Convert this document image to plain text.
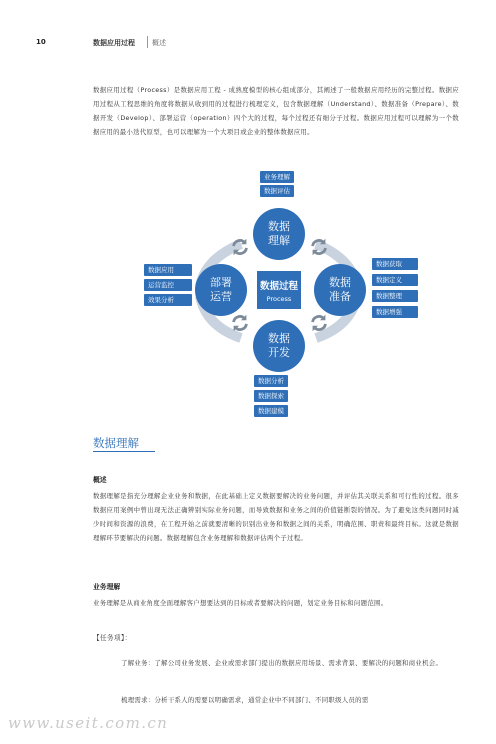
10	数据应用过程 概述
数据应用过程（Process）是数据应用工程 - 成熟度模型的核心组成部分，其阐述了一般数据应用经历的完整过程。数据应用过程从工程思维的角度将数据从收到用的过程进行梳理定义，包含数据理解（Understand）、数据准备（Prepare）、数据开发（Develop）、部署运营（operation）四个大的过程，每个过程还有细分子过程。数据应用过程可以理解为一个数据应用的最小迭代原型，也可以理解为一个大项目或企业的整体数据应用。
业务理解
数据评估
数据
理解
数据应用
运营监控
效果分析
部署
运营
数据过程
Process
数据
准备
数据获取
数据定义
数据整理
数据增强
数据
开发
数据分析
数据探索
数据建模
数据理解
概述
数据理解是指充分理解企业业务和数据，在此基础上定义数据要解决的业务问题，并评估其关联关系和可行性的过程。很多数据应用案例中曾出现无法正确辨别实际业务问题，而导致数据和业务之间的价值链断裂的情况。为了避免这类问题同时减少时间和资源的浪费，在工程开始之前就要清晰的识别出业务和数据之间的关系，明确范围、职责和最终目标。这就是数据理解环节要解决的问题。数据理解包含业务理解和数据评估两个子过程。
业务理解
业务理解是从商业角度全面理解客户想要达到的目标或者要解决的问题，划定业务目标和问题范围。
【任务项】：
了解业务：了解公司业务发展、企业或需求部门提出的数据应用场景、需求背景、要解决的问题和商业机会。
梳理需求：分析干系人的需要以明确需求，通常企业中不同部门、不同职级人员的需
www.useit.com.cn
